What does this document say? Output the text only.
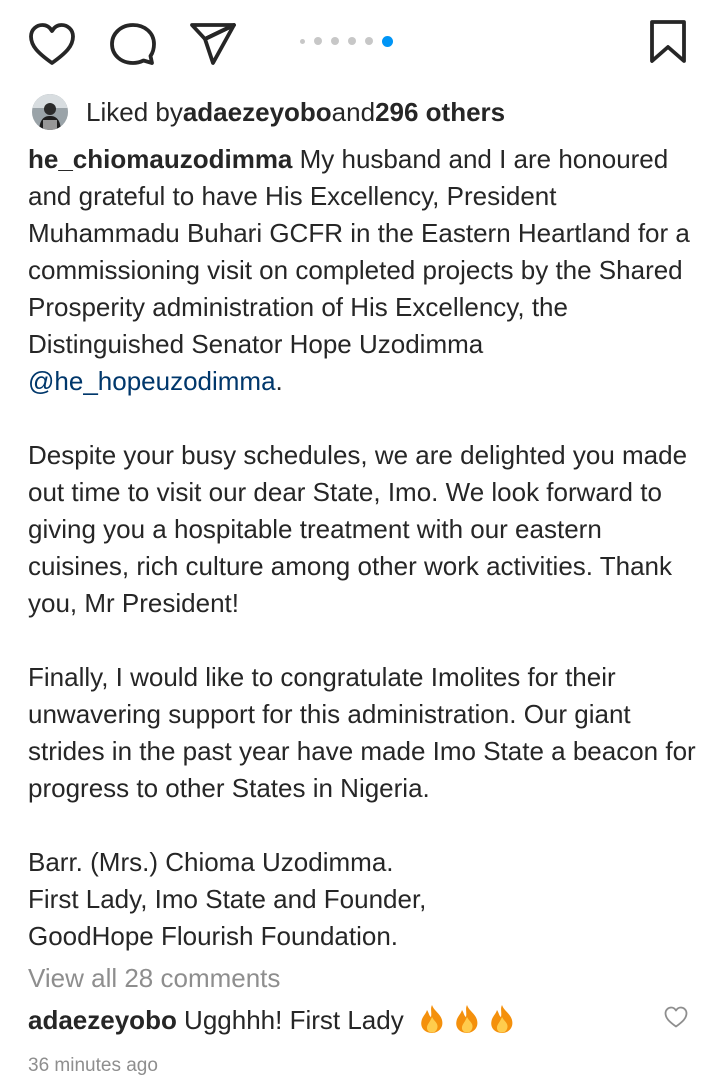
Liked by adaezeyobo and 296 others

he_chiomauzodimma My husband and I are honoured and grateful to have His Excellency, President Muhammadu Buhari GCFR in the Eastern Heartland for a commissioning visit on completed projects by the Shared Prosperity administration of His Excellency, the Distinguished Senator Hope Uzodimma @he_hopeuzodimma.

Despite your busy schedules, we are delighted you made out time to visit our dear State, Imo. We look forward to giving you a hospitable treatment with our eastern cuisines, rich culture among other work activities. Thank you, Mr President!

Finally, I would like to congratulate Imolites for their unwavering support for this administration. Our giant strides in the past year have made Imo State a beacon for progress to other States in Nigeria.

Barr. (Mrs.) Chioma Uzodimma.
First Lady, Imo State and Founder,
GoodHope Flourish Foundation.

View all 28 comments
adaezeyobo Ugghhh! First Lady
36 minutes ago
